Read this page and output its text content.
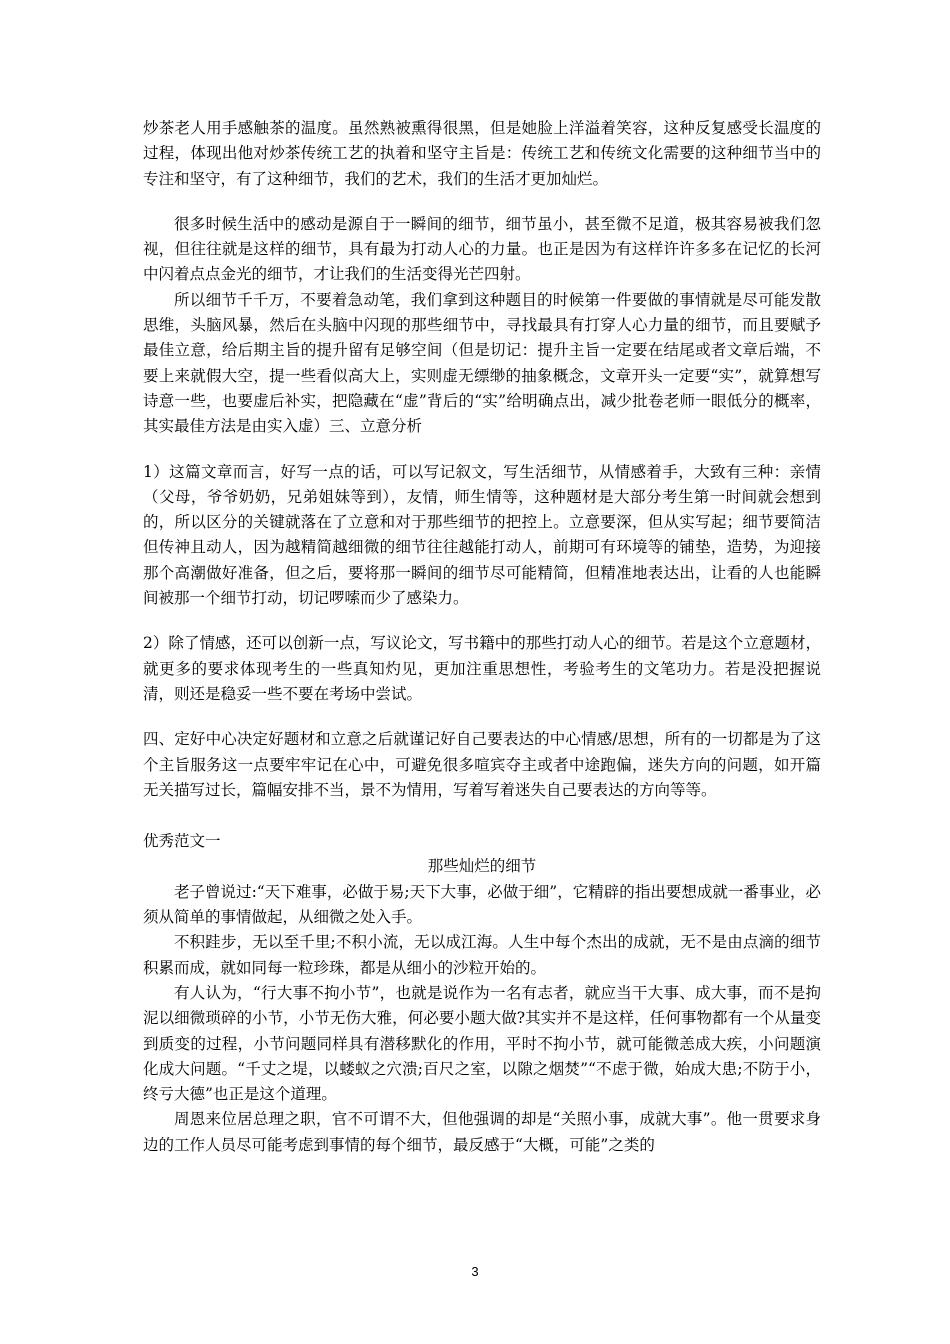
炒茶老人用手感触茶的温度。虽然熟被熏得很黑，但是她脸上洋溢着笑容，这种反复感受长温度的过程，体现出他对炒茶传统工艺的执着和坚守主旨是：传统工艺和传统文化需要的这种细节当中的专注和坚守，有了这种细节，我们的艺术，我们的生活才更加灿烂。

很多时候生活中的感动是源自于一瞬间的细节，细节虽小，甚至微不足道，极其容易被我们忽视，但往往就是这样的细节，具有最为打动人心的力量。也正是因为有这样许许多多在记忆的长河中闪着点点金光的细节，才让我们的生活变得光芒四射。

所以细节千千万，不要着急动笔，我们拿到这种题目的时候第一件要做的事情就是尽可能发散思维，头脑风暴，然后在头脑中闪现的那些细节中，寻找最具有打穿人心力量的细节，而且要赋予最佳立意，给后期主旨的提升留有足够空间（但是切记：提升主旨一定要在结尾或者文章后端，不要上来就假大空，提一些看似高大上，实则虚无缥缈的抽象概念，文章开头一定要“实”，就算想写诗意一些，也要虚后补实，把隐藏在“虚”背后的“实”给明确点出，减少批卷老师一眼低分的概率，其实最佳方法是由实入虚）三、立意分析

1）这篇文章而言，好写一点的话，可以写记叙文，写生活细节，从情感着手，大致有三种：亲情（父母，爷爷奶奶，兄弟姐妹等到），友情，师生情等，这种题材是大部分考生第一时间就会想到的，所以区分的关键就落在了立意和对于那些细节的把控上。立意要深，但从实写起；细节要简洁但传神且动人，因为越精简越细微的细节往往越能打动人，前期可有环境等的铺垫，造势，为迎接那个高潮做好准备，但之后，要将那一瞬间的细节尽可能精简，但精准地表达出，让看的人也能瞬间被那一个细节打动，切记啰嗦而少了感染力。

2）除了情感，还可以创新一点，写议论文，写书籍中的那些打动人心的细节。若是这个立意题材，就更多的要求体现考生的一些真知灼见，更加注重思想性，考验考生的文笔功力。若是没把握说清，则还是稳妥一些不要在考场中尝试。

四、定好中心决定好题材和立意之后就谨记好自己要表达的中心情感/思想，所有的一切都是为了这个主旨服务这一点要牢牢记在心中，可避免很多喧宾夺主或者中途跑偏，迷失方向的问题，如开篇无关描写过长，篇幅安排不当，景不为情用，写着写着迷失自己要表达的方向等等。

优秀范文一

那些灿烂的细节

老子曾说过:“天下难事，必做于易;天下大事，必做于细”，它精辟的指出要想成就一番事业，必须从简单的事情做起，从细微之处入手。

不积跬步，无以至千里;不积小流，无以成江海。人生中每个杰出的成就，无不是由点滴的细节积累而成，就如同每一粒珍珠，都是从细小的沙粒开始的。

有人认为，“行大事不拘小节”，也就是说作为一名有志者，就应当干大事、成大事，而不是拘泥以细微琐碎的小节，小节无伤大雅，何必要小题大做?其实并不是这样，任何事物都有一个从量变到质变的过程，小节问题同样具有潜移默化的作用，平时不拘小节，就可能微恙成大疾，小问题演化成大问题。“千丈之堤，以蝼蚁之穴溃;百尺之室，以隙之烟焚”“不虑于微，始成大患;不防于小，终亏大德”也正是这个道理。

周恩来位居总理之职，官不可谓不大，但他强调的却是“关照小事，成就大事”。他一贯要求身边的工作人员尽可能考虑到事情的每个细节，最反感于“大概，可能”之类的

3
